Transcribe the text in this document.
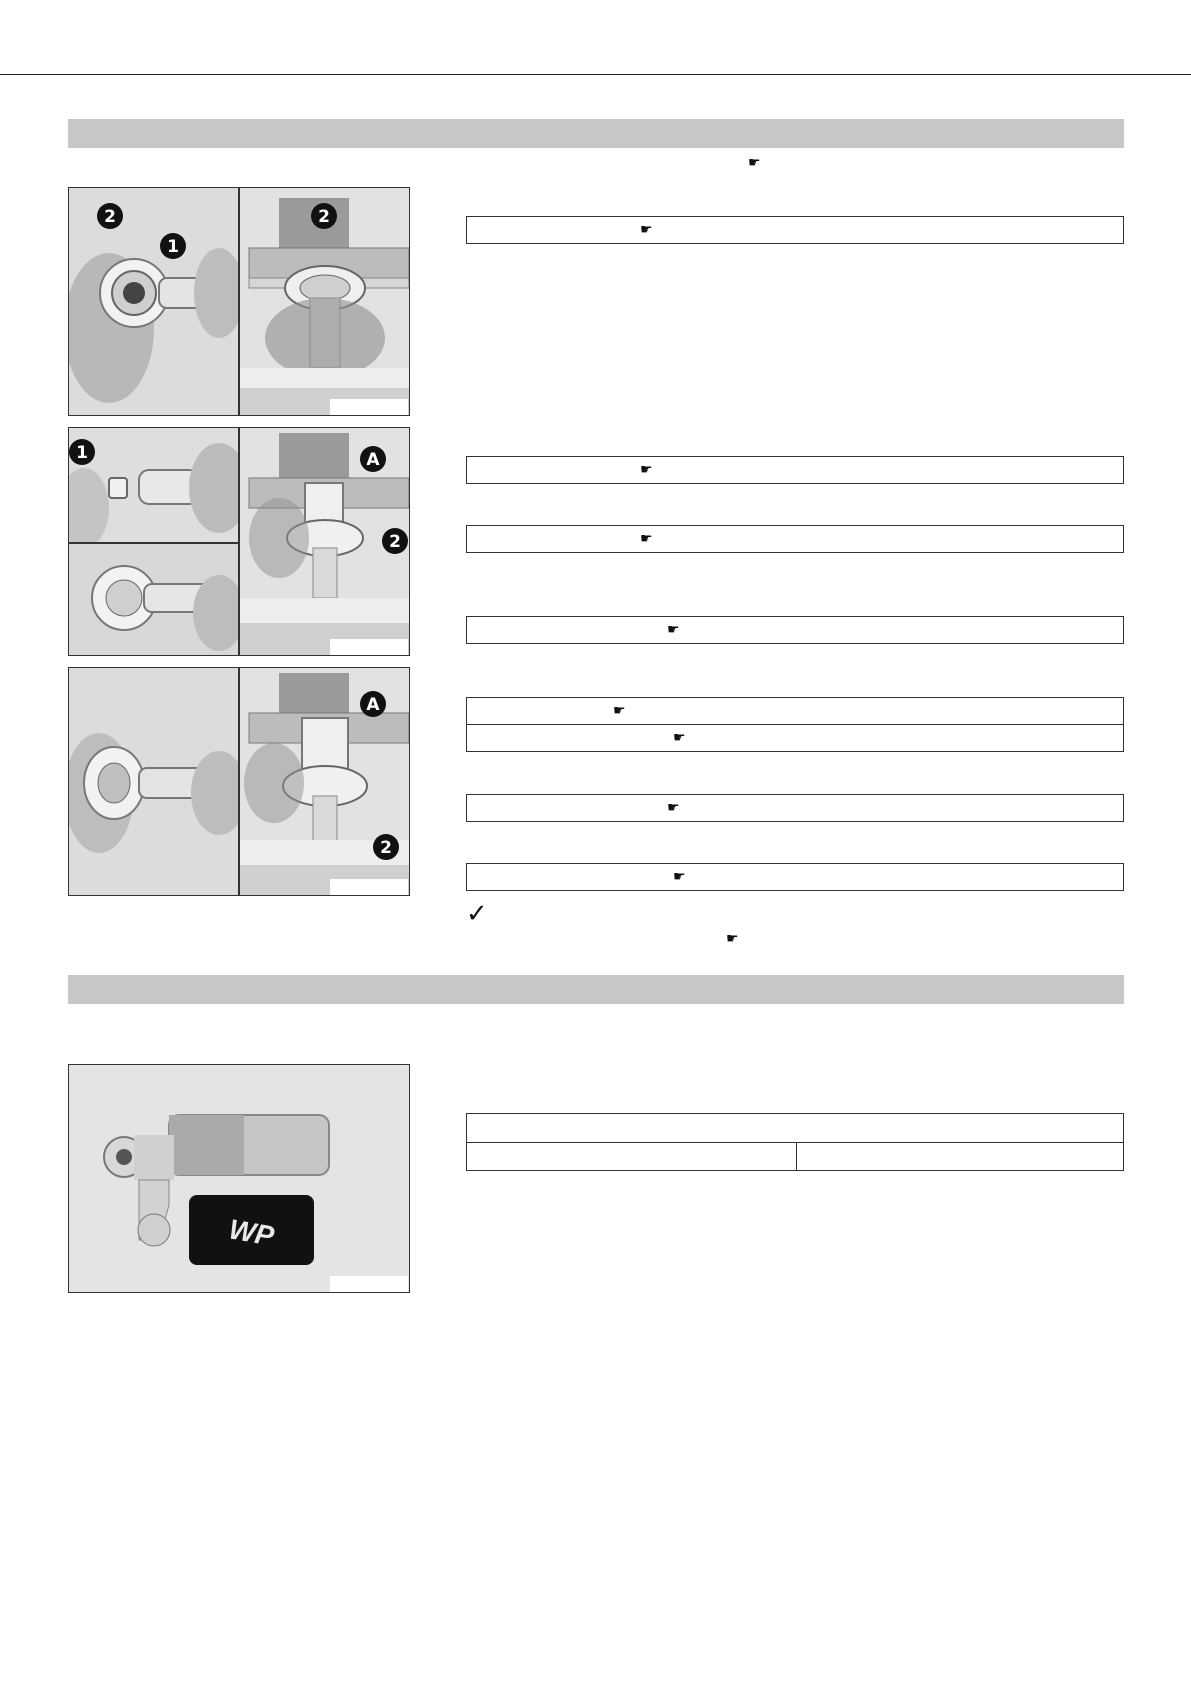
☛
2
1
2
1	A
2
A
2
☛
☛
☛
☛
☛
☛
☛
☛
✓
☛
WP
